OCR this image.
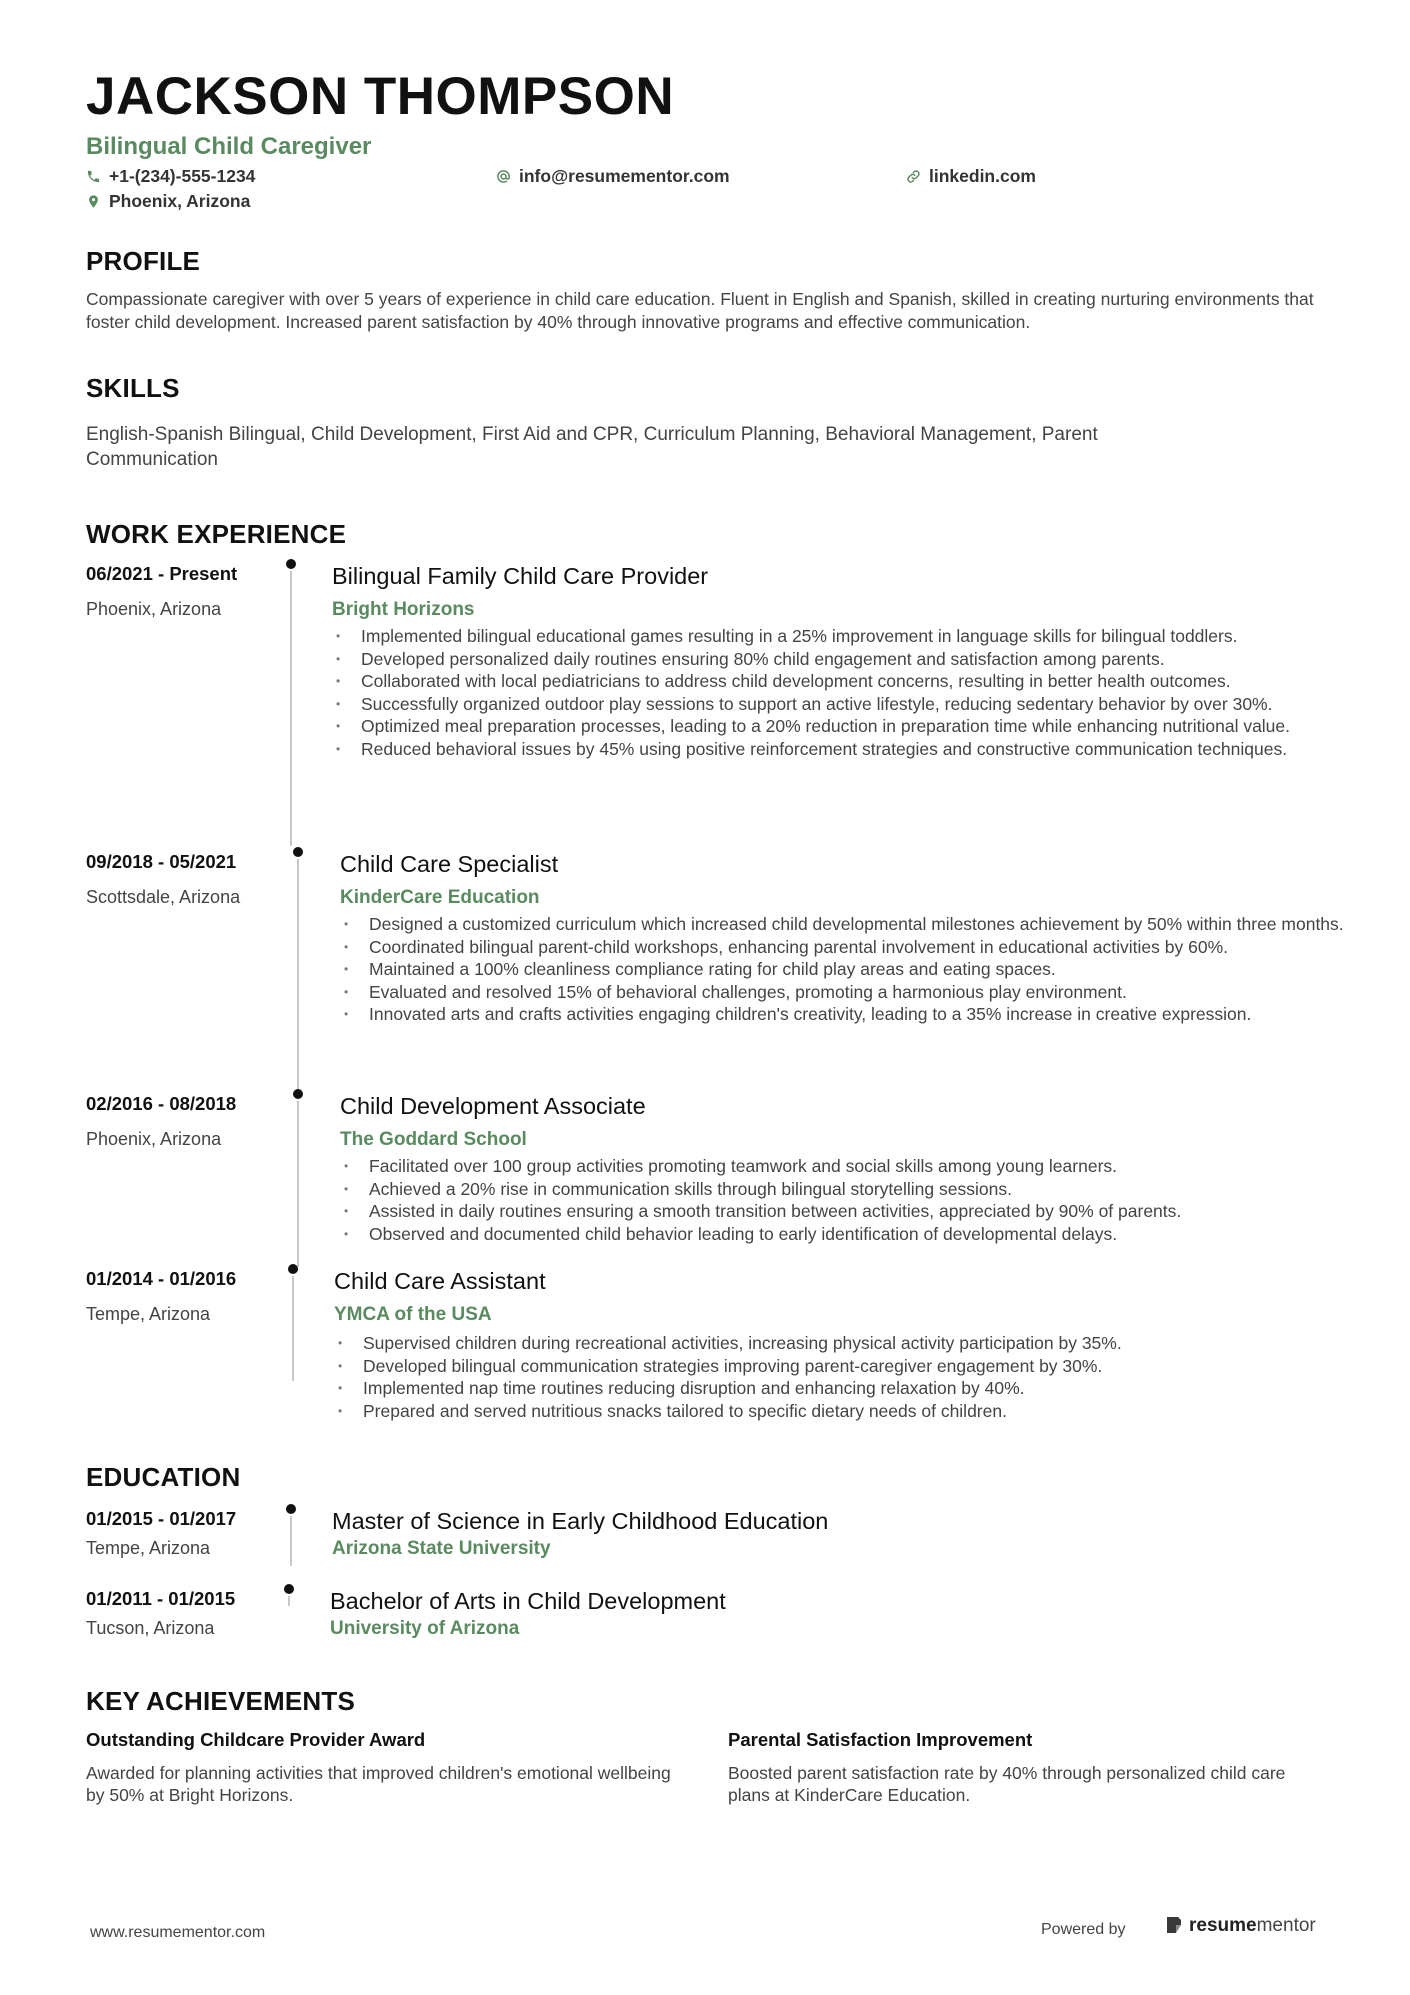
JACKSON THOMPSON
Bilingual Child Caregiver
+1-(234)-555-1234	info@resumementor.com	linkedin.com
Phoenix, Arizona
PROFILE
Compassionate caregiver with over 5 years of experience in child care education. Fluent in English and Spanish, skilled in creating nurturing environments that foster child development. Increased parent satisfaction by 40% through innovative programs and effective communication.
SKILLS
English-Spanish Bilingual, Child Development, First Aid and CPR, Curriculum Planning, Behavioral Management, Parent Communication
WORK EXPERIENCE
06/2021 - Present
Phoenix, Arizona
Bilingual Family Child Care Provider
Bright Horizons
• Implemented bilingual educational games resulting in a 25% improvement in language skills for bilingual toddlers.
• Developed personalized daily routines ensuring 80% child engagement and satisfaction among parents.
• Collaborated with local pediatricians to address child development concerns, resulting in better health outcomes.
• Successfully organized outdoor play sessions to support an active lifestyle, reducing sedentary behavior by over 30%.
• Optimized meal preparation processes, leading to a 20% reduction in preparation time while enhancing nutritional value.
• Reduced behavioral issues by 45% using positive reinforcement strategies and constructive communication techniques.
09/2018 - 05/2021
Scottsdale, Arizona
Child Care Specialist
KinderCare Education
• Designed a customized curriculum which increased child developmental milestones achievement by 50% within three months.
• Coordinated bilingual parent-child workshops, enhancing parental involvement in educational activities by 60%.
• Maintained a 100% cleanliness compliance rating for child play areas and eating spaces.
• Evaluated and resolved 15% of behavioral challenges, promoting a harmonious play environment.
• Innovated arts and crafts activities engaging children's creativity, leading to a 35% increase in creative expression.
02/2016 - 08/2018
Phoenix, Arizona
Child Development Associate
The Goddard School
• Facilitated over 100 group activities promoting teamwork and social skills among young learners.
• Achieved a 20% rise in communication skills through bilingual storytelling sessions.
• Assisted in daily routines ensuring a smooth transition between activities, appreciated by 90% of parents.
• Observed and documented child behavior leading to early identification of developmental delays.
01/2014 - 01/2016
Tempe, Arizona
Child Care Assistant
YMCA of the USA
• Supervised children during recreational activities, increasing physical activity participation by 35%.
• Developed bilingual communication strategies improving parent-caregiver engagement by 30%.
• Implemented nap time routines reducing disruption and enhancing relaxation by 40%.
• Prepared and served nutritious snacks tailored to specific dietary needs of children.
EDUCATION
01/2015 - 01/2017
Tempe, Arizona
Master of Science in Early Childhood Education
Arizona State University
01/2011 - 01/2015
Tucson, Arizona
Bachelor of Arts in Child Development
University of Arizona
KEY ACHIEVEMENTS
Outstanding Childcare Provider Award
Awarded for planning activities that improved children's emotional wellbeing by 50% at Bright Horizons.
Parental Satisfaction Improvement
Boosted parent satisfaction rate by 40% through personalized child care plans at KinderCare Education.
www.resumementor.com	Powered by	resumementor
